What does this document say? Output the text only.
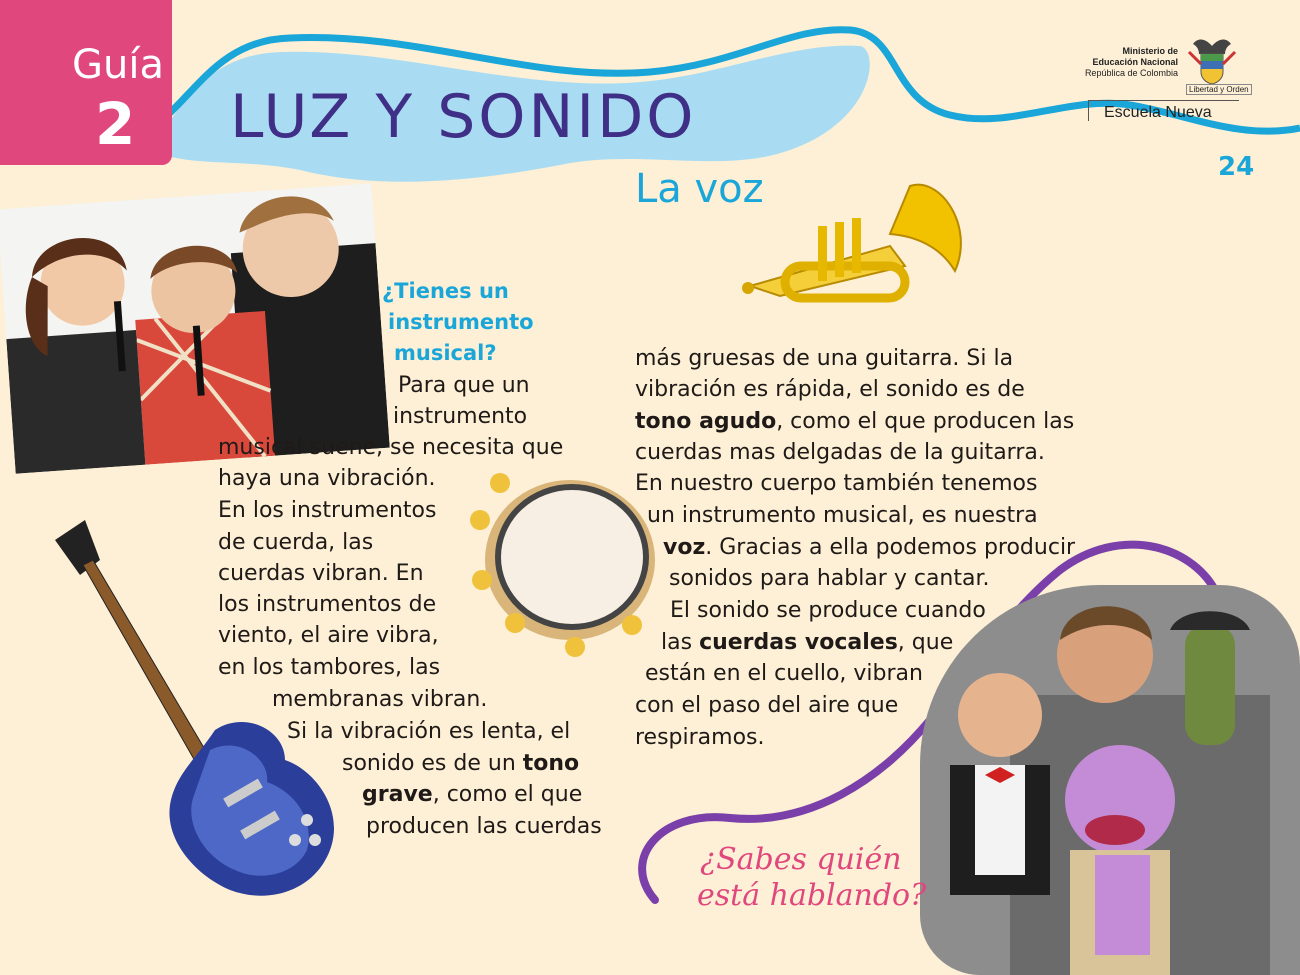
Guía
2 LUZ Y SONIDO
Ministerio de
Educación Nacional
República de Colombia
Libertad y Orden
Escuela Nueva
24
La voz
¿Tienes un
instrumento
musical?
Para que un
instrumento
musical suene, se necesita que
haya una vibración.
En los instrumentos
de cuerda, las
cuerdas vibran. En
los instrumentos de
viento, el aire vibra,
en los tambores, las
membranas vibran.
Si la vibración es lenta, el
sonido es de un tono
grave, como el que
producen las cuerdas
más gruesas de una guitarra. Si la
vibración es rápida, el sonido es de
tono agudo, como el que producen las
cuerdas mas delgadas de la guitarra.
En nuestro cuerpo también tenemos
un instrumento musical, es nuestra
voz. Gracias a ella podemos producir
sonidos para hablar y cantar.
El sonido se produce cuando
las cuerdas vocales, que
están en el cuello, vibran
con el paso del aire que
respiramos.
¿Sabes quién
está hablando?
